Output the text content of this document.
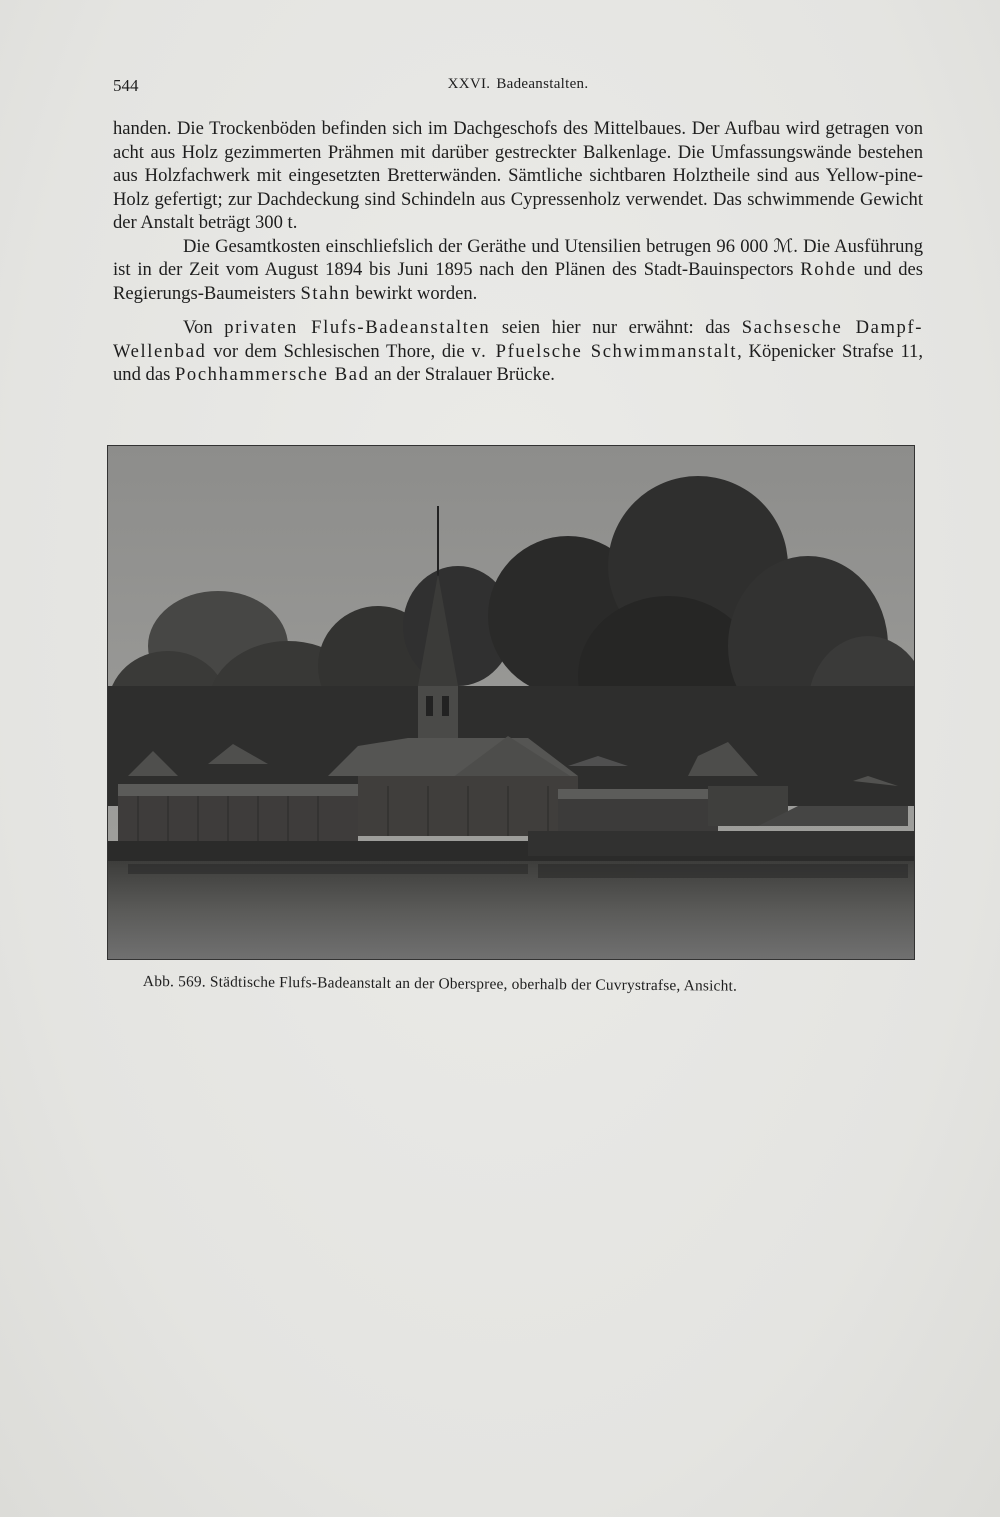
544	XXVI. Badeanstalten.

handen. Die Trockenböden befinden sich im Dachgeschofs des Mittelbaues. Der Aufbau wird getragen von acht aus Holz gezimmerten Prähmen mit darüber gestreckter Balkenlage. Die Umfassungswände bestehen aus Holzfachwerk mit eingesetzten Bretterwänden. Sämtliche sichtbaren Holztheile sind aus Yellow-pine-Holz gefertigt; zur Dachdeckung sind Schindeln aus Cypressenholz verwendet. Das schwimmende Gewicht der Anstalt beträgt 300 t.

Die Gesamtkosten einschliefslich der Geräthe und Utensilien betrugen 96 000 ℳ. Die Ausführung ist in der Zeit vom August 1894 bis Juni 1895 nach den Plänen des Stadt-Bauinspectors Rohde und des Regierungs-Baumeisters Stahn bewirkt worden.

Von privaten Flufs-Badeanstalten seien hier nur erwähnt: das Sachsesche Dampf-Wellenbad vor dem Schlesischen Thore, die v. Pfuelsche Schwimmanstalt, Köpenicker Strafse 11, und das Pochhammersche Bad an der Stralauer Brücke.

Abb. 569. Städtische Flufs-Badeanstalt an der Oberspree, oberhalb der Cuvrystrafse, Ansicht.
